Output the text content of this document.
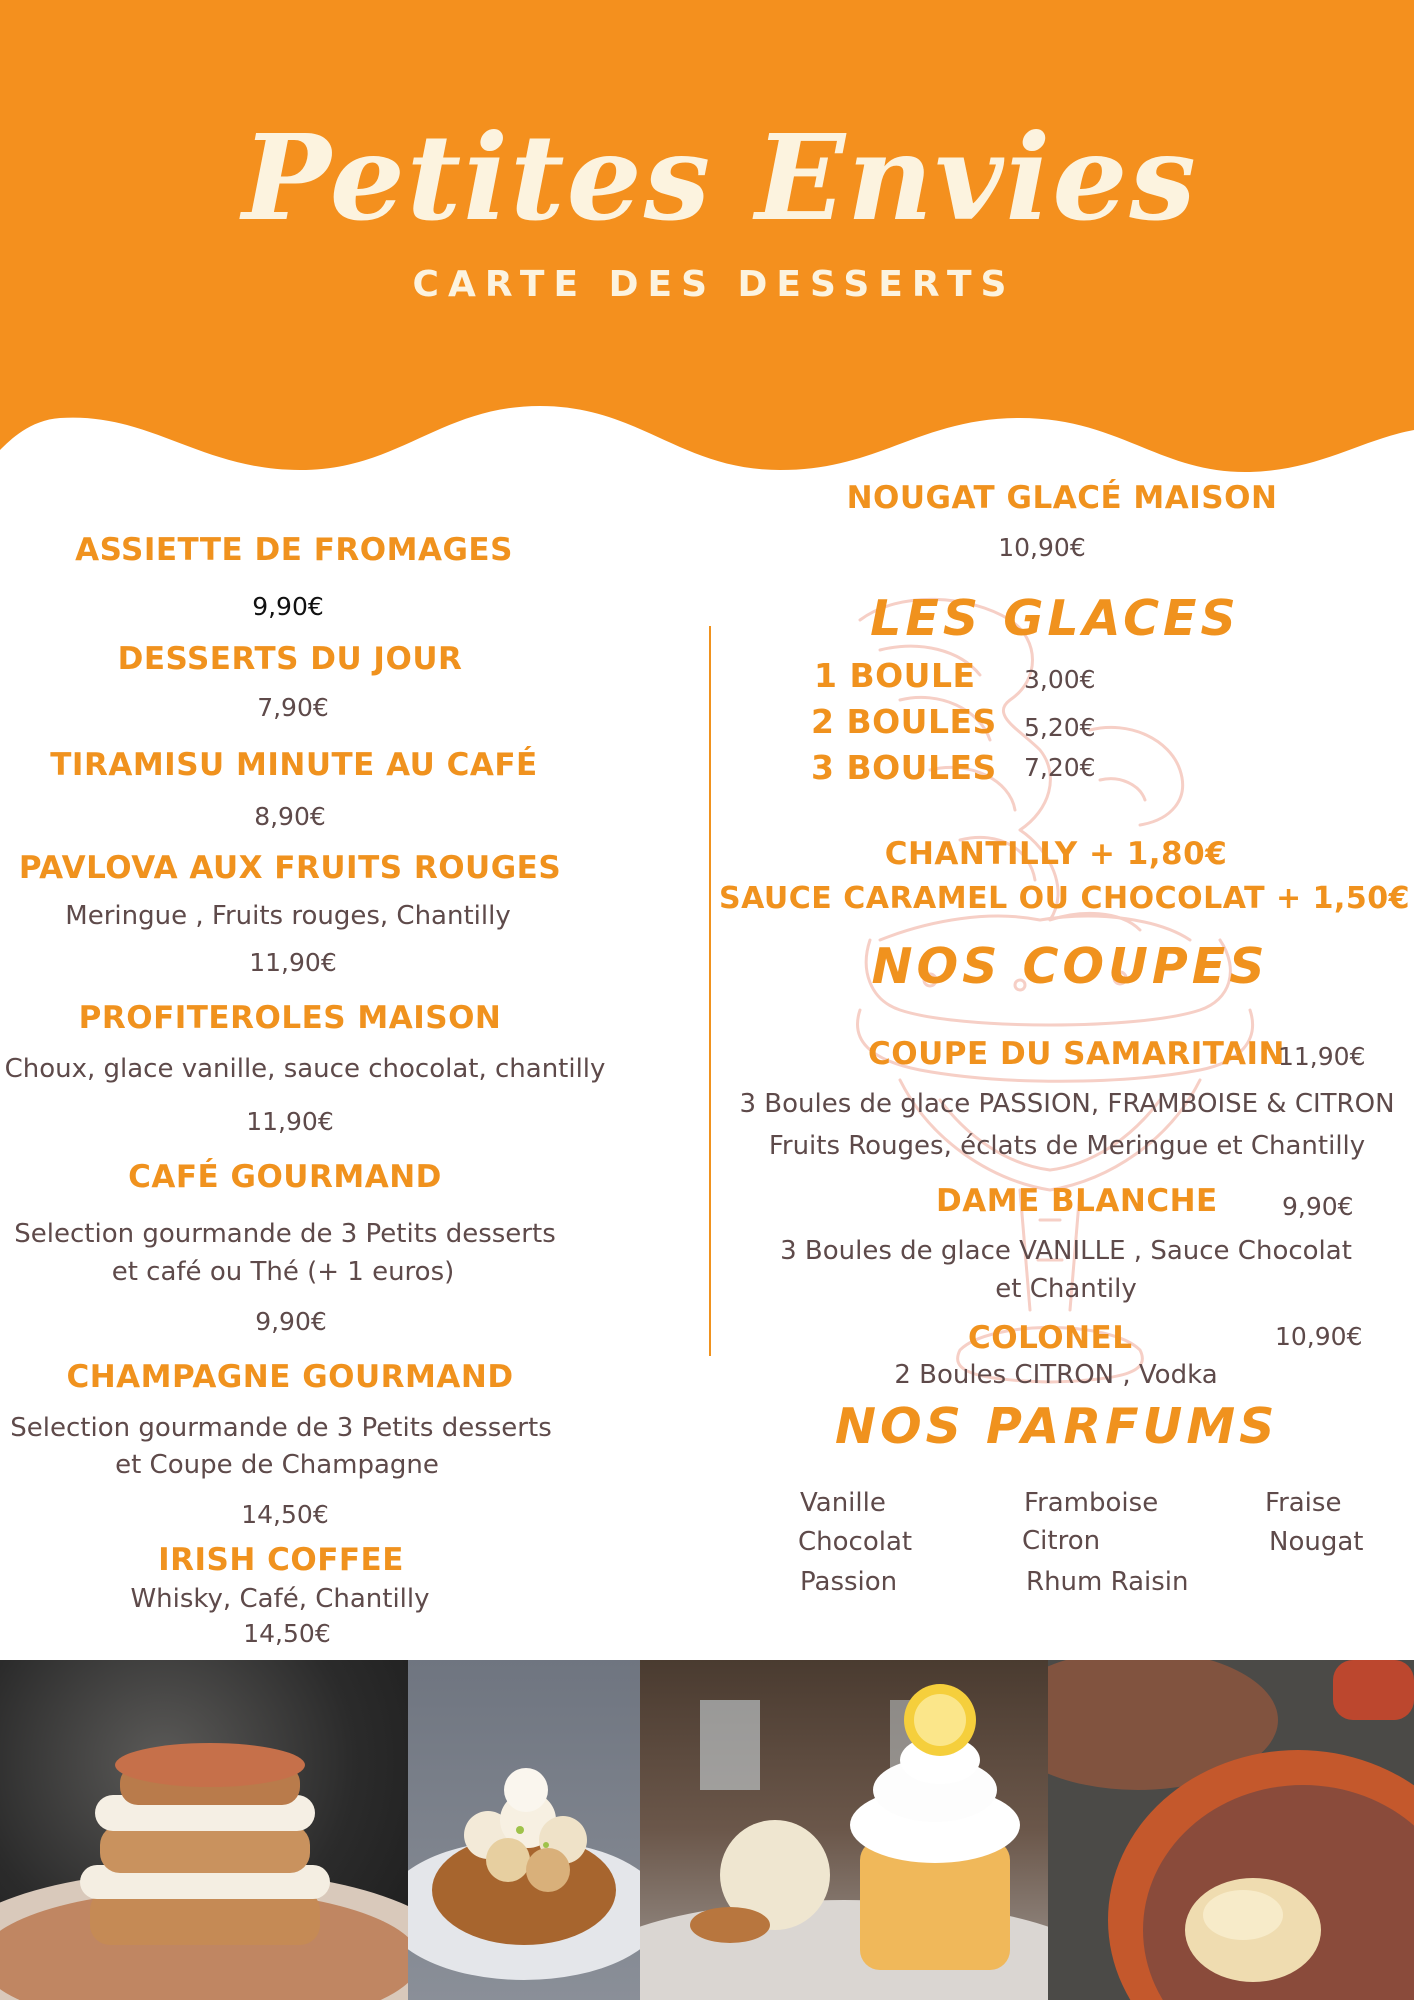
Petites Envies
CARTE DES DESSERTS
ASSIETTE DE FROMAGES
9,90€
DESSERTS DU JOUR
7,90€
TIRAMISU MINUTE AU CAFÉ
8,90€
PAVLOVA AUX FRUITS ROUGES
Meringue , Fruits rouges, Chantilly
11,90€
PROFITEROLES MAISON
Choux, glace vanille, sauce chocolat, chantilly
11,90€
CAFÉ GOURMAND
Selection gourmande de 3 Petits desserts
et café ou Thé (+ 1 euros)
9,90€
CHAMPAGNE GOURMAND
Selection gourmande de 3 Petits desserts
et Coupe de Champagne
14,50€
IRISH COFFEE
Whisky, Café, Chantilly
14,50€
NOUGAT GLACÉ MAISON
10,90€
LES GLACES
1 BOULE 3,00€
2 BOULES 5,20€
3 BOULES 7,20€
CHANTILLY + 1,80€
SAUCE CARAMEL OU CHOCOLAT + 1,50€
NOS COUPES
COUPE DU SAMARITAIN
11,90€
3 Boules de glace PASSION, FRAMBOISE & CITRON
Fruits Rouges, éclats de Meringue et Chantilly
DAME BLANCHE	9,90€
3 Boules de glace VANILLE , Sauce Chocolat
et Chantily
COLONEL	10,90€
2 Boules CITRON , Vodka
NOS PARFUMS
Vanille
Chocolat
Passion
Framboise
Citron
Rhum Raisin
Fraise
Nougat
